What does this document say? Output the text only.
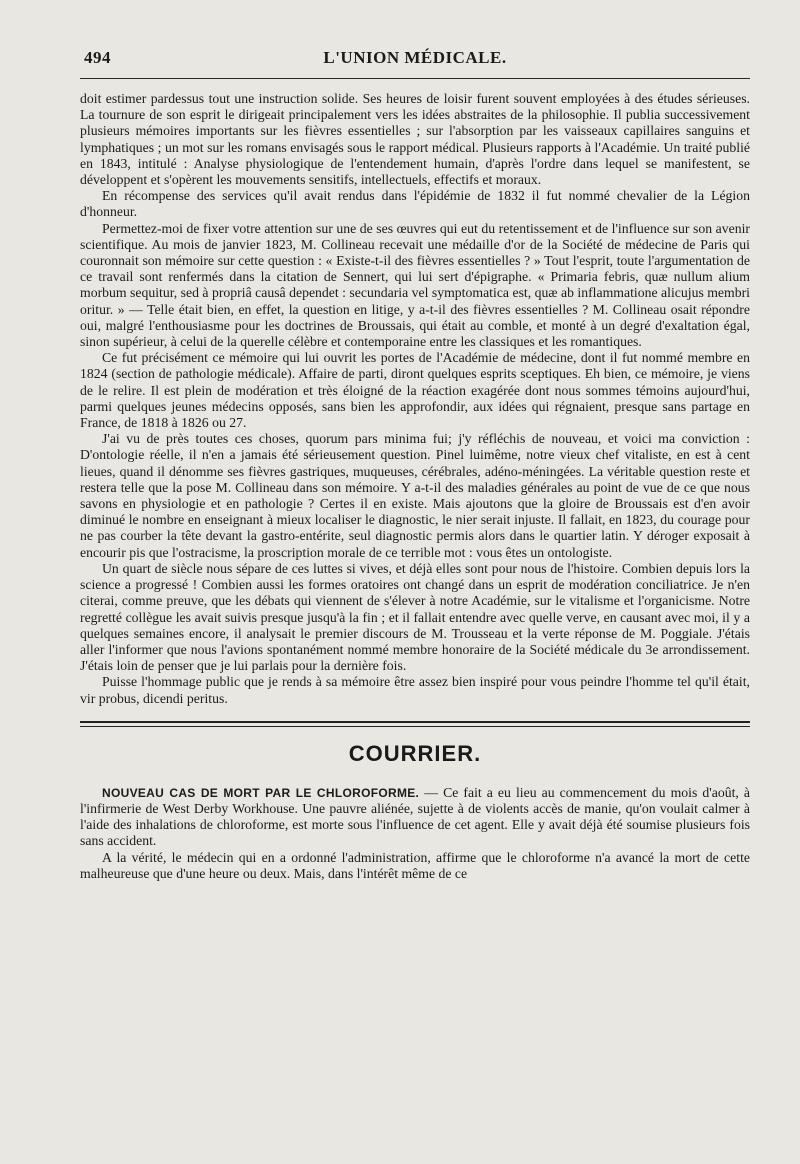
494	L'UNION MÉDICALE.

doit estimer pardessus tout une instruction solide. Ses heures de loisir furent souvent employées à des études sérieuses. La tournure de son esprit le dirigeait principalement vers les idées abstraites de la philosophie. Il publia successivement plusieurs mémoires importants sur les fièvres essentielles ; sur l'absorption par les vaisseaux capillaires sanguins et lymphatiques ; un mot sur les romans envisagés sous le rapport médical. Plusieurs rapports à l'Académie. Un traité publié en 1843, intitulé : Analyse physiologique de l'entendement humain, d'après l'ordre dans lequel se manifestent, se développent et s'opèrent les mouvements sensitifs, intellectuels, effectifs et moraux.

En récompense des services qu'il avait rendus dans l'épidémie de 1832 il fut nommé chevalier de la Légion d'honneur.

Permettez-moi de fixer votre attention sur une de ses œuvres qui eut du retentissement et de l'influence sur son avenir scientifique. Au mois de janvier 1823, M. Collineau recevait une médaille d'or de la Société de médecine de Paris qui couronnait son mémoire sur cette question : « Existe-t-il des fièvres essentielles ? » Tout l'esprit, toute l'argumentation de ce travail sont renfermés dans la citation de Sennert, qui lui sert d'épigraphe. « Primaria febris, quæ nullum alium morbum sequitur, sed à propriâ causâ dependet : secundaria vel symptomatica est, quæ ab inflammatione alicujus membri oritur. » — Telle était bien, en effet, la question en litige, y a-t-il des fièvres essentielles ? M. Collineau osait répondre oui, malgré l'enthousiasme pour les doctrines de Broussais, qui était au comble, et monté à un degré d'exaltation égal, sinon supérieur, à celui de la querelle célèbre et contemporaine entre les classiques et les romantiques.

Ce fut précisément ce mémoire qui lui ouvrit les portes de l'Académie de médecine, dont il fut nommé membre en 1824 (section de pathologie médicale). Affaire de parti, diront quelques esprits sceptiques. Eh bien, ce mémoire, je viens de le relire. Il est plein de modération et très éloigné de la réaction exagérée dont nous sommes témoins aujourd'hui, parmi quelques jeunes médecins opposés, sans bien les approfondir, aux idées qui régnaient, presque sans partage en France, de 1818 à 1826 ou 27.

J'ai vu de près toutes ces choses, quorum pars minima fui; j'y réfléchis de nouveau, et voici ma conviction : D'ontologie réelle, il n'en a jamais été sérieusement question. Pinel luimême, notre vieux chef vitaliste, en est à cent lieues, quand il dénomme ses fièvres gastriques, muqueuses, cérébrales, adéno-méningées. La véritable question reste et restera telle que la pose M. Collineau dans son mémoire. Y a-t-il des maladies générales au point de vue de ce que nous savons en physiologie et en pathologie ? Certes il en existe. Mais ajoutons que la gloire de Broussais est d'en avoir diminué le nombre en enseignant à mieux localiser le diagnostic, le nier serait injuste. Il fallait, en 1823, du courage pour ne pas courber la tête devant la gastro-entérite, seul diagnostic permis alors dans le quartier latin. Y déroger exposait à encourir pis que l'ostracisme, la proscription morale de ce terrible mot : vous êtes un ontologiste.

Un quart de siècle nous sépare de ces luttes si vives, et déjà elles sont pour nous de l'histoire. Combien depuis lors la science a progressé ! Combien aussi les formes oratoires ont changé dans un esprit de modération conciliatrice. Je n'en citerai, comme preuve, que les débats qui viennent de s'élever à notre Académie, sur le vitalisme et l'organicisme. Notre regretté collègue les avait suivis presque jusqu'à la fin ; et il fallait entendre avec quelle verve, en causant avec moi, il y a quelques semaines encore, il analysait le premier discours de M. Trousseau et la verte réponse de M. Poggiale. J'étais aller l'informer que nous l'avions spontanément nommé membre honoraire de la Société médicale du 3e arrondissement. J'étais loin de penser que je lui parlais pour la dernière fois.

Puisse l'hommage public que je rends à sa mémoire être assez bien inspiré pour vous peindre l'homme tel qu'il était, vir probus, dicendi peritus.

COURRIER.

NOUVEAU CAS DE MORT PAR LE CHLOROFORME. — Ce fait a eu lieu au commencement du mois d'août, à l'infirmerie de West Derby Workhouse. Une pauvre aliénée, sujette à de violents accès de manie, qu'on voulait calmer à l'aide des inhalations de chloroforme, est morte sous l'influence de cet agent. Elle y avait déjà été soumise plusieurs fois sans accident.

A la vérité, le médecin qui en a ordonné l'administration, affirme que le chloroforme n'a avancé la mort de cette malheureuse que d'une heure ou deux. Mais, dans l'intérêt même de ce
